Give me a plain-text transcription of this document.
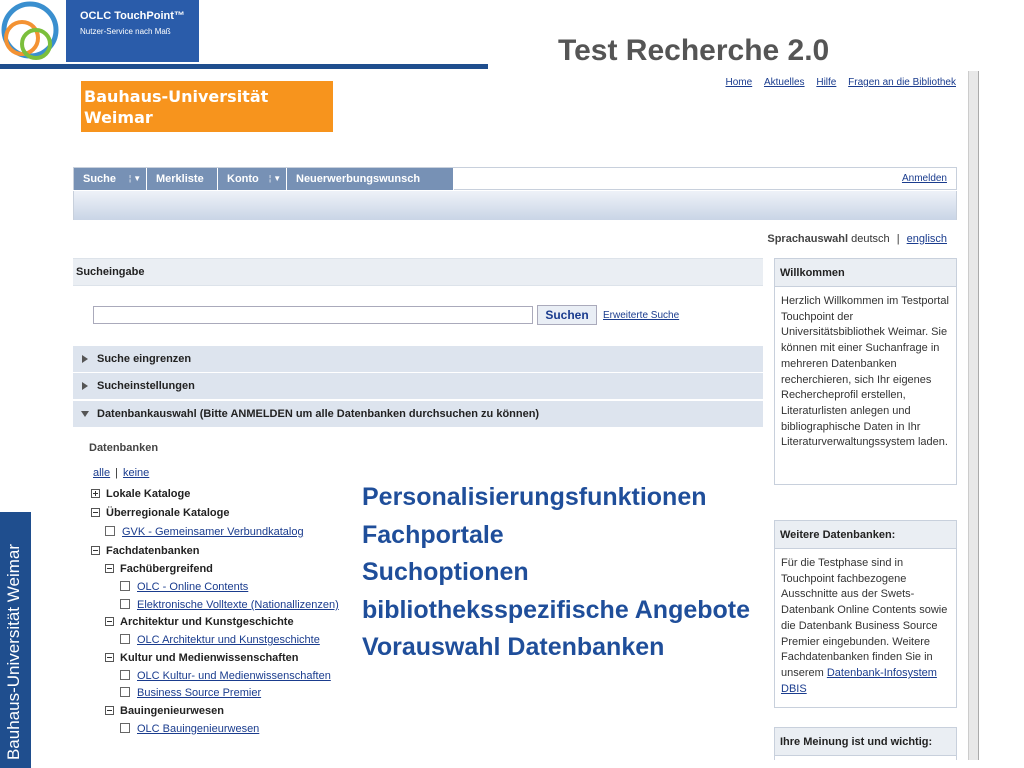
OCLC TouchPoint™
Nutzer-Service nach Maß
Test Recherche 2.0
Bauhaus-Universität Weimar
Bauhaus-Universität Weimar
Universitätsbibliothek
Home Aktuelles Hilfe Fragen an die Bibliothek
Suche	¦ ▼	Merkliste	Konto	¦ ▼	Neuerwerbungswunsch	Anmelden
Sprachauswahl deutsch | englisch
Sucheingabe
Suchen	Erweiterte Suche
Suche eingrenzen
Sucheinstellungen
Datenbankauswahl (Bitte ANMELDEN um alle Datenbanken durchsuchen zu können)
Datenbanken
alle | keine
Lokale Kataloge
Überregionale Kataloge
GVK - Gemeinsamer Verbundkatalog
Fachdatenbanken
Fachübergreifend
OLC - Online Contents
Elektronische Volltexte (Nationallizenzen)
Architektur und Kunstgeschichte
OLC Architektur und Kunstgeschichte
Kultur und Medienwissenschaften
OLC Kultur- und Medienwissenschaften
Business Source Premier
Bauingenieurwesen
OLC Bauingenieurwesen
Willkommen
Herzlich Willkommen im Testportal Touchpoint der Universitätsbibliothek Weimar. Sie können mit einer Suchanfrage in mehreren Datenbanken recherchieren, sich Ihr eigenes Rechercheprofil erstellen, Literaturlisten anlegen und bibliographische Daten in Ihr Literaturverwaltungssystem laden.
Weitere Datenbanken:
Für die Testphase sind in Touchpoint fachbezogene Ausschnitte aus der Swets-Datenbank Online Contents sowie die Datenbank Business Source Premier eingebunden. Weitere Fachdatenbanken finden Sie in unserem Datenbank-Infosystem DBIS
Ihre Meinung ist und wichtig:
Personalisierungsfunktionen
Fachportale
Suchoptionen
bibliotheksspezifische Angebote
Vorauswahl Datenbanken
